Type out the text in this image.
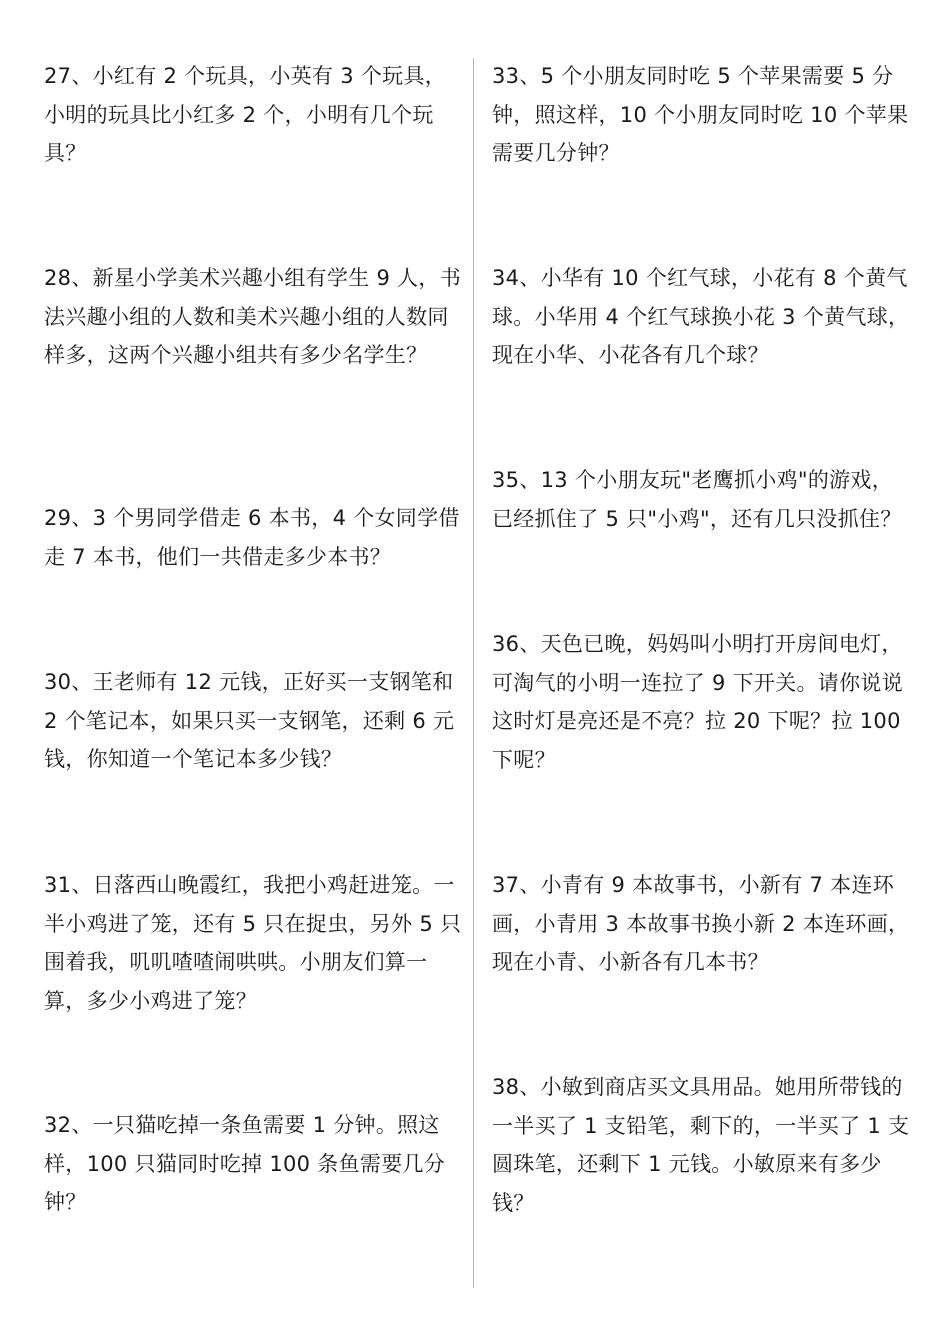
27、小红有 2 个玩具，小英有 3 个玩具，小明的玩具比小红多 2 个，小明有几个玩具？

28、新星小学美术兴趣小组有学生 9 人，书法兴趣小组的人数和美术兴趣小组的人数同样多，这两个兴趣小组共有多少名学生？

29、3 个男同学借走 6 本书，4 个女同学借走 7 本书，他们一共借走多少本书？

30、王老师有 12 元钱，正好买一支钢笔和 2 个笔记本，如果只买一支钢笔，还剩 6 元钱，你知道一个笔记本多少钱？

31、日落西山晚霞红，我把小鸡赶进笼。一半小鸡进了笼，还有 5 只在捉虫，另外 5 只围着我，叽叽喳喳闹哄哄。小朋友们算一算，多少小鸡进了笼？

32、一只猫吃掉一条鱼需要 1 分钟。照这样，100 只猫同时吃掉 100 条鱼需要几分钟？

33、5 个小朋友同时吃 5 个苹果需要 5 分钟，照这样，10 个小朋友同时吃 10 个苹果需要几分钟？

34、小华有 10 个红气球，小花有 8 个黄气球。小华用 4 个红气球换小花 3 个黄气球，现在小华、小花各有几个球？

35、13 个小朋友玩"老鹰抓小鸡"的游戏，已经抓住了 5 只"小鸡"，还有几只没抓住？

36、天色已晚，妈妈叫小明打开房间电灯，可淘气的小明一连拉了 9 下开关。请你说说这时灯是亮还是不亮？拉 20 下呢？拉 100 下呢？

37、小青有 9 本故事书，小新有 7 本连环画，小青用 3 本故事书换小新 2 本连环画，现在小青、小新各有几本书？

38、小敏到商店买文具用品。她用所带钱的一半买了 1 支铅笔，剩下的，一半买了 1 支圆珠笔，还剩下 1 元钱。小敏原来有多少钱？
